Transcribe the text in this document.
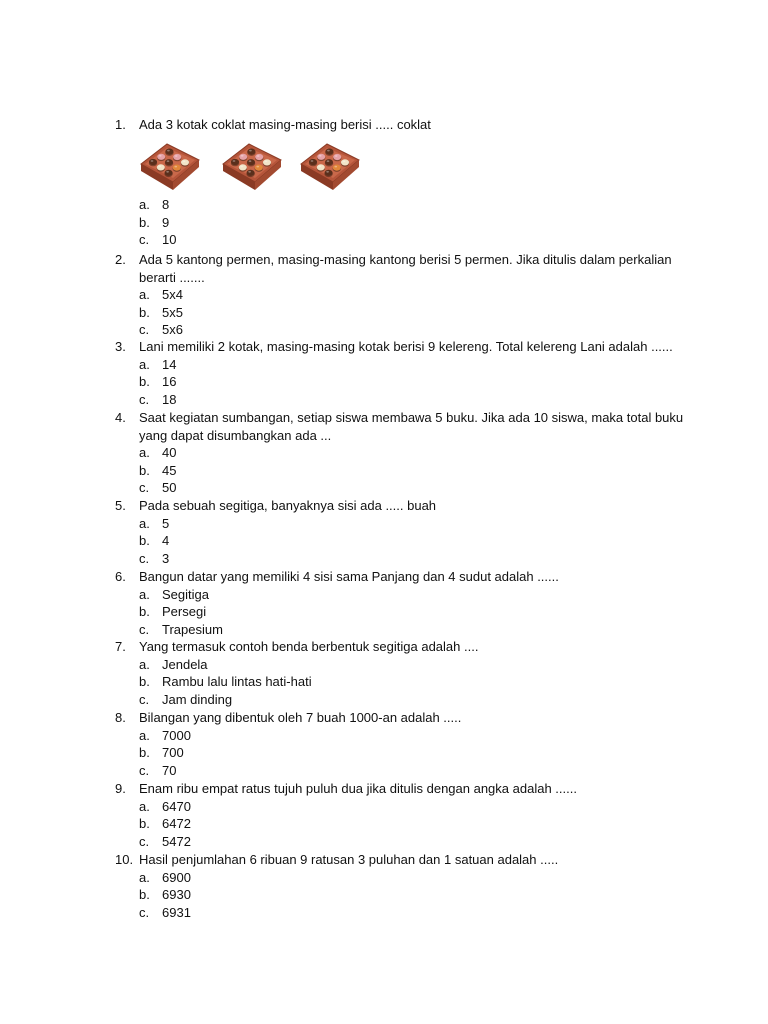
1.	Ada 3 kotak coklat masing-masing berisi ..... coklat
a. 8
b. 9
c. 10
2.	Ada 5 kantong permen, masing-masing kantong berisi 5 permen. Jika ditulis dalam perkalian berarti .......
a. 5x4
b. 5x5
c. 5x6
3.	Lani memiliki 2 kotak, masing-masing kotak berisi 9 kelereng. Total kelereng Lani adalah ......
a. 14
b. 16
c. 18
4.	Saat kegiatan sumbangan, setiap siswa membawa 5 buku. Jika ada 10 siswa, maka total buku yang dapat disumbangkan ada ...
a. 40
b. 45
c. 50
5.	Pada sebuah segitiga, banyaknya sisi ada ..... buah
a. 5
b. 4
c. 3
6.	Bangun datar yang memiliki 4 sisi sama Panjang dan 4 sudut adalah ......
a. Segitiga
b. Persegi
c. Trapesium
7.	Yang termasuk contoh benda berbentuk segitiga adalah ....
a. Jendela
b. Rambu lalu lintas hati-hati
c. Jam dinding
8.	Bilangan yang dibentuk oleh 7 buah 1000-an adalah .....
a. 7000
b. 700
c. 70
9.	Enam ribu empat ratus tujuh puluh dua jika ditulis dengan angka adalah ......
a. 6470
b. 6472
c. 5472
10. Hasil penjumlahan 6 ribuan 9 ratusan 3 puluhan dan 1 satuan adalah .....
a. 6900
b. 6930
c. 6931
